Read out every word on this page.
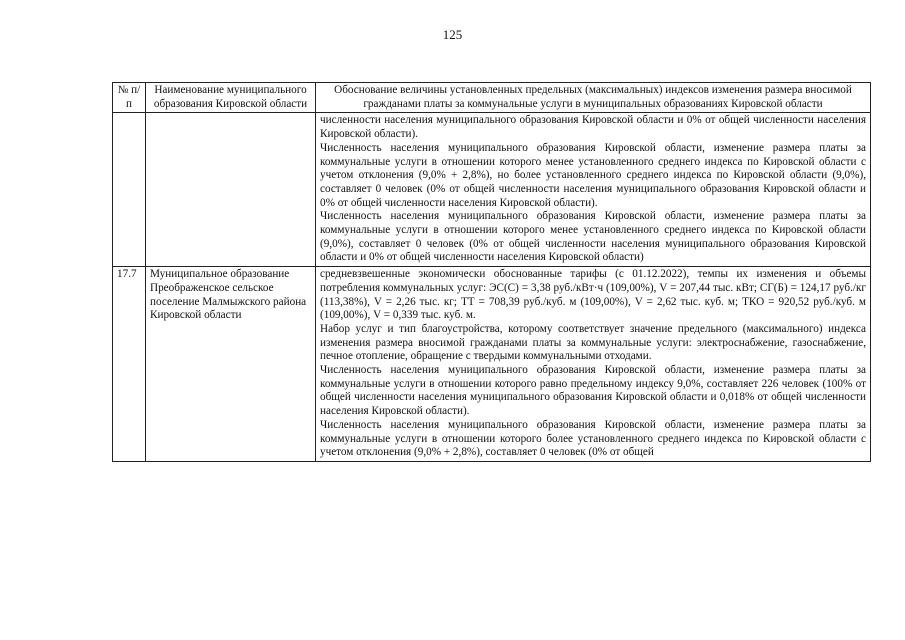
125
№ п/п	Наименование муниципального образования Кировской области	Обоснование величины установленных предельных (максимальных) индексов изменения размера вносимой гражданами платы за коммунальные услуги в муниципальных образованиях Кировской области

		численности населения муниципального образования Кировской области и 0% от общей численности населения Кировской области).
Численность населения муниципального образования Кировской области, изменение размера платы за коммунальные услуги в отношении которого менее установленного среднего индекса по Кировской области с учетом отклонения (9,0% + 2,8%), но более установленного среднего индекса по Кировской области (9,0%), составляет 0 человек (0% от общей численности населения муниципального образования Кировской области и 0% от общей численности населения Кировской области).
Численность населения муниципального образования Кировской области, изменение размера платы за коммунальные услуги в отношении которого менее установленного среднего индекса по Кировской области (9,0%), составляет 0 человек (0% от общей численности населения муниципального образования Кировской области и 0% от общей численности населения Кировской области)

17.7	Муниципальное образование Преображенское сельское поселение Малмыжского района Кировской области	средневзвешенные экономически обоснованные тарифы (с 01.12.2022), темпы их изменения и объемы потребления коммунальных услуг: ЭС(С) = 3,38 руб./кВт·ч (109,00%), V = 207,44 тыс. кВт; СГ(Б) = 124,17 руб./кг (113,38%), V = 2,26 тыс. кг; ТТ = 708,39 руб./куб. м (109,00%), V = 2,62 тыс. куб. м; ТКО = 920,52 руб./куб. м (109,00%), V = 0,339 тыс. куб. м.
Набор услуг и тип благоустройства, которому соответствует значение предельного (максимального) индекса изменения размера вносимой гражданами платы за коммунальные услуги: электроснабжение, газоснабжение, печное отопление, обращение с твердыми коммунальными отходами.
Численность населения муниципального образования Кировской области, изменение размера платы за коммунальные услуги в отношении которого равно предельному индексу 9,0%, составляет 226 человек (100% от общей численности населения муниципального образования Кировской области и 0,018% от общей численности населения Кировской области).
Численность населения муниципального образования Кировской области, изменение размера платы за коммунальные услуги в отношении которого более установленного среднего индекса по Кировской области с учетом отклонения (9,0% + 2,8%), составляет 0 человек (0% от общей
